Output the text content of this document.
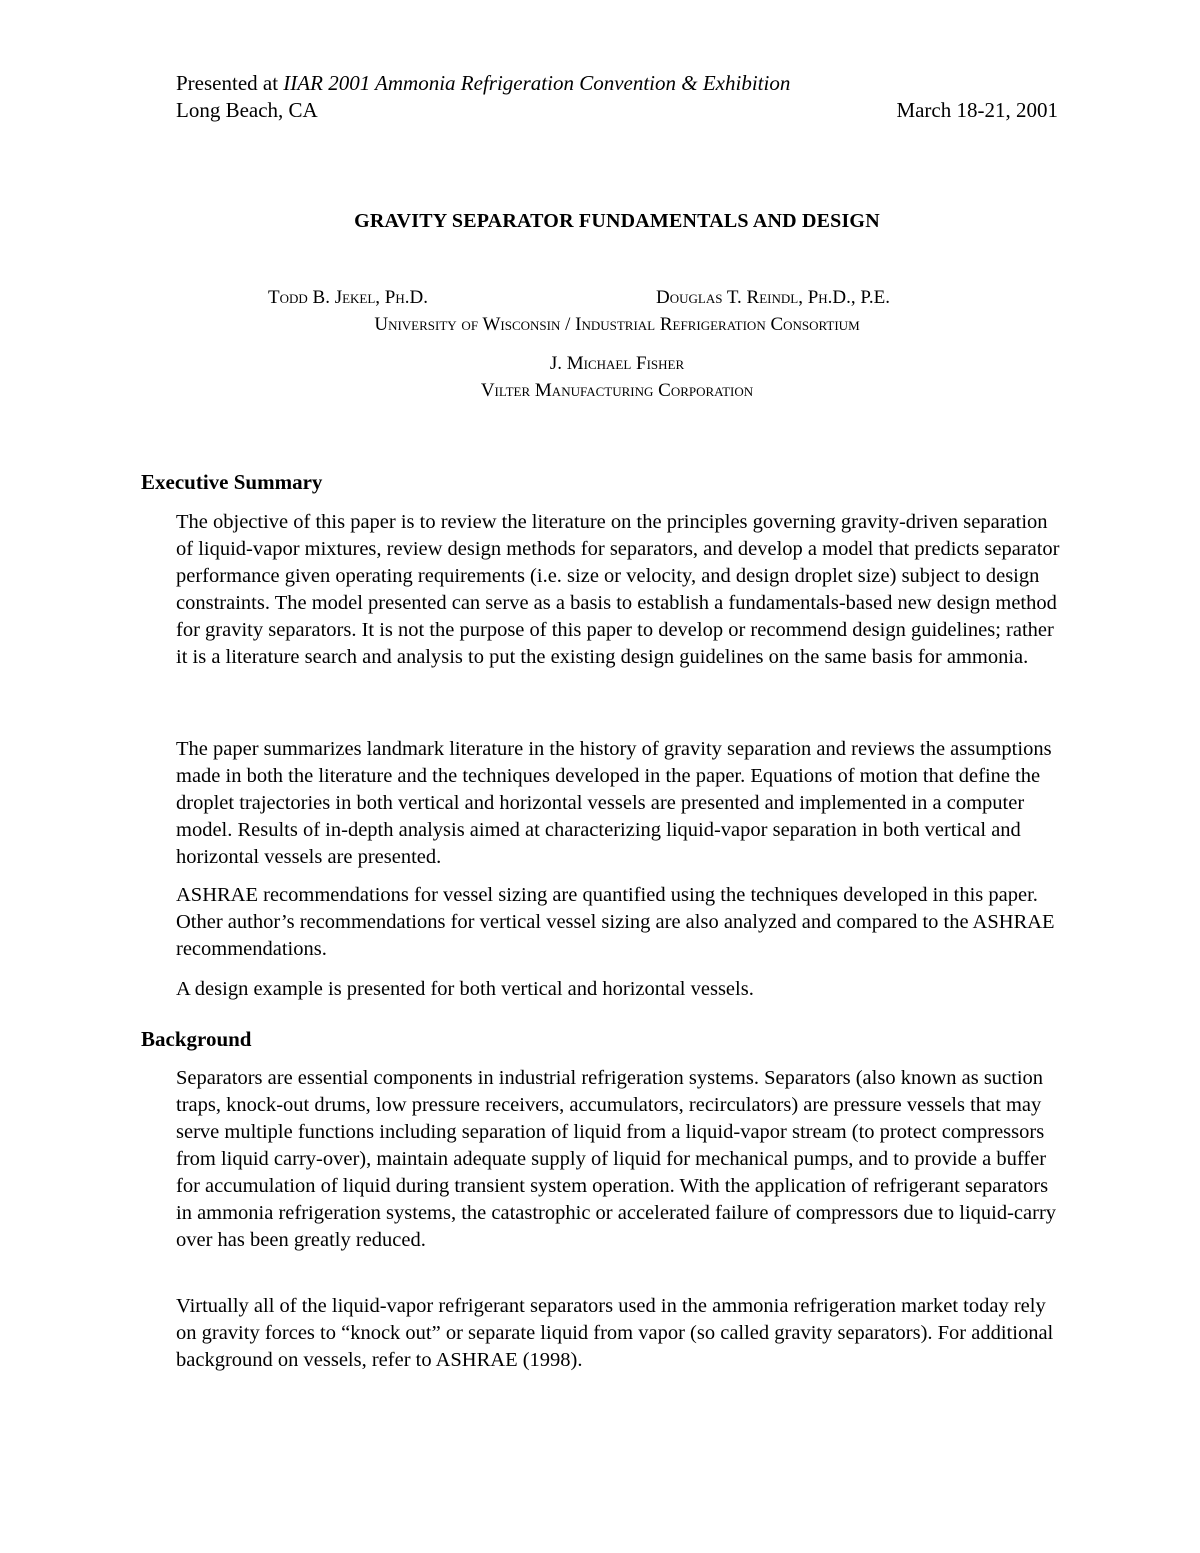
Presented at IIAR 2001 Ammonia Refrigeration Convention & Exhibition
Long Beach, CA	March 18-21, 2001
GRAVITY SEPARATOR FUNDAMENTALS AND DESIGN
Todd B. Jekel, Ph.D.	Douglas T. Reindl, Ph.D., P.E.
University of Wisconsin / Industrial Refrigeration Consortium
J. Michael Fisher
Vilter Manufacturing Corporation
Executive Summary

The objective of this paper is to review the literature on the principles governing gravity-driven separation of liquid-vapor mixtures, review design methods for separators, and develop a model that predicts separator performance given operating requirements (i.e. size or velocity, and design droplet size) subject to design constraints. The model presented can serve as a basis to establish a fundamentals-based new design method for gravity separators. It is not the purpose of this paper to develop or recommend design guidelines; rather it is a literature search and analysis to put the existing design guidelines on the same basis for ammonia.

The paper summarizes landmark literature in the history of gravity separation and reviews the assumptions made in both the literature and the techniques developed in the paper. Equations of motion that define the droplet trajectories in both vertical and horizontal vessels are presented and implemented in a computer model. Results of in-depth analysis aimed at characterizing liquid-vapor separation in both vertical and horizontal vessels are presented.

ASHRAE recommendations for vessel sizing are quantified using the techniques developed in this paper. Other author’s recommendations for vertical vessel sizing are also analyzed and compared to the ASHRAE recommendations.

A design example is presented for both vertical and horizontal vessels.

Background

Separators are essential components in industrial refrigeration systems. Separators (also known as suction traps, knock-out drums, low pressure receivers, accumulators, recirculators) are pressure vessels that may serve multiple functions including separation of liquid from a liquid-vapor stream (to protect compressors from liquid carry-over), maintain adequate supply of liquid for mechanical pumps, and to provide a buffer for accumulation of liquid during transient system operation. With the application of refrigerant separators in ammonia refrigeration systems, the catastrophic or accelerated failure of compressors due to liquid-carry over has been greatly reduced.

Virtually all of the liquid-vapor refrigerant separators used in the ammonia refrigeration market today rely on gravity forces to “knock out” or separate liquid from vapor (so called gravity separators). For additional background on vessels, refer to ASHRAE (1998).
